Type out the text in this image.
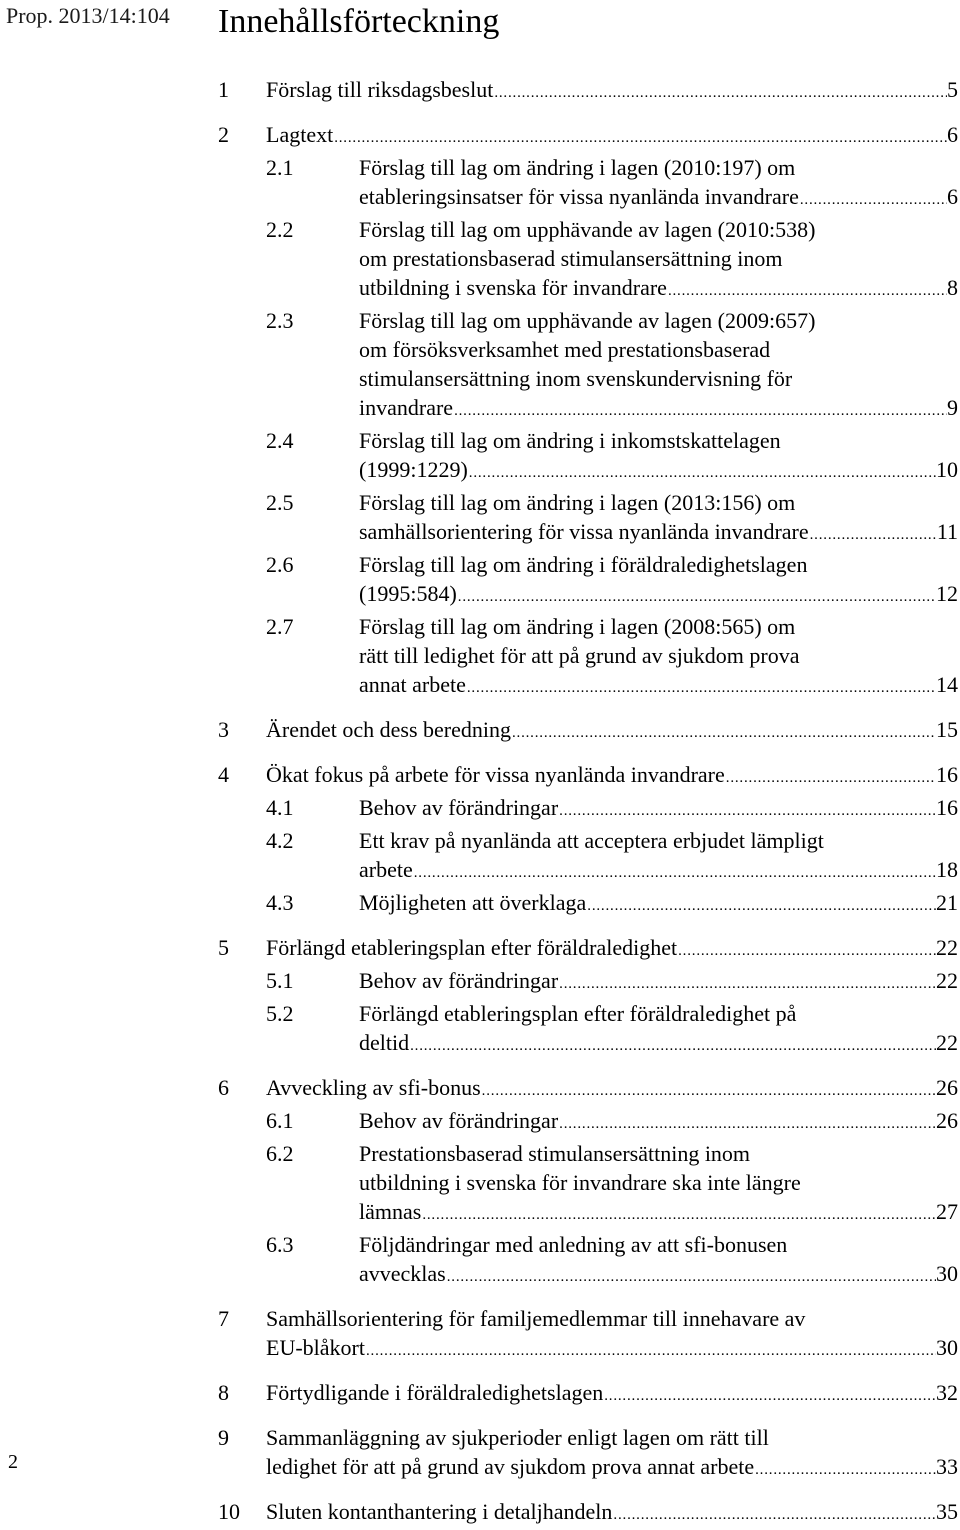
Prop. 2013/14:104 Innehållsförteckning
1 Förslag till riksdagsbeslut .....	5
2 Lagtext .....	6
2.1	Förslag till lag om ändring i lagen (2010:197) om
etableringsinsatser för vissa nyanlända invandrare .....	6
2.2	Förslag till lag om upphävande av lagen (2010:538)
om prestationsbaserad stimulansersättning inom
utbildning i svenska för invandrare .....	8
2.3	Förslag till lag om upphävande av lagen (2009:657)
om försöksverksamhet med prestationsbaserad
stimulansersättning inom svenskundervisning för
invandrare .....	9
2.4	Förslag till lag om ändring i inkomstskattelagen
(1999:1229) .....	10
2.5	Förslag till lag om ändring i lagen (2013:156) om
samhällsorientering för vissa nyanlända invandrare .....	11
2.6	Förslag till lag om ändring i föräldraledighetslagen
(1995:584) .....	12
2.7	Förslag till lag om ändring i lagen (2008:565) om
rätt till ledighet för att på grund av sjukdom prova
annat arbete .....	14
3 Ärendet och dess beredning .....	15
4 Ökat fokus på arbete för vissa nyanlända invandrare .....	16
4.1	Behov av förändringar .....	16
4.2	Ett krav på nyanlända att acceptera erbjudet lämpligt
arbete .....	18
4.3	Möjligheten att överklaga .....	21
5 Förlängd etableringsplan efter föräldraledighet .....	22
5.1	Behov av förändringar .....	22
5.2	Förlängd etableringsplan efter föräldraledighet på
deltid .....	22
6 Avveckling av sfi-bonus .....	26
6.1	Behov av förändringar .....	26
6.2	Prestationsbaserad stimulansersättning inom
utbildning i svenska för invandrare ska inte längre
lämnas .....	27
6.3	Följdändringar med anledning av att sfi-bonusen
avvecklas .....	30
7 Samhällsorientering för familjemedlemmar till innehavare av
EU-blåkort .....	30
8 Förtydligande i föräldraledighetslagen .....	32
9 Sammanläggning av sjukperioder enligt lagen om rätt till
ledighet för att på grund av sjukdom prova annat arbete .....	33
10 Sluten kontanthantering i detaljhandeln .....	35
2
